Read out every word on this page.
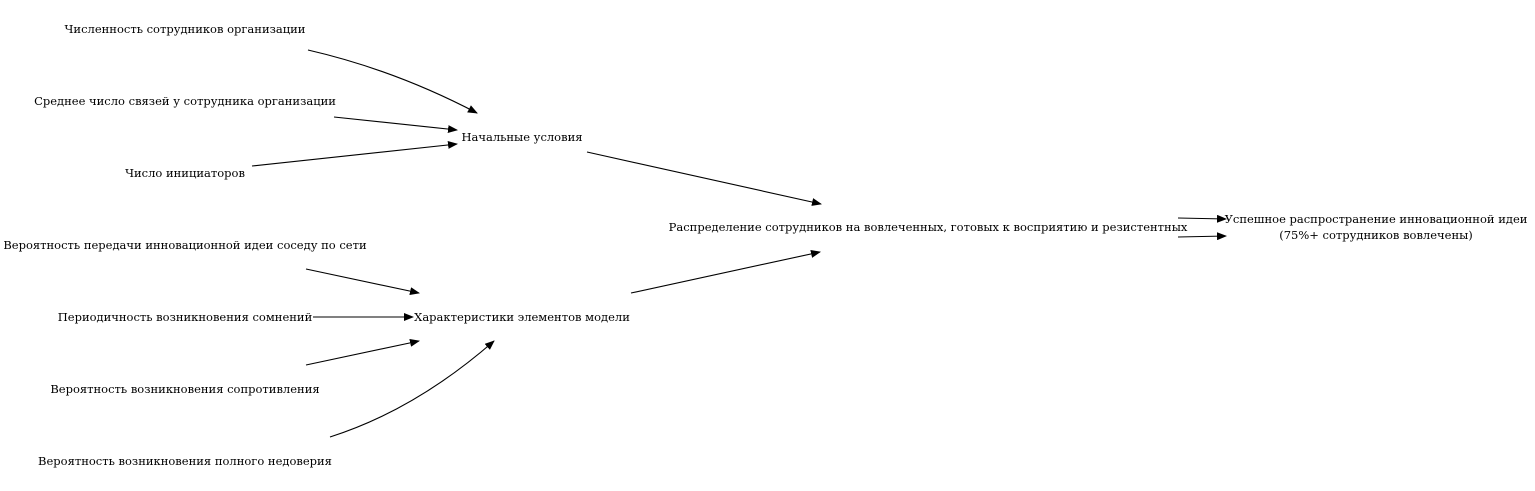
Численность сотрудников организации
Среднее число связей у сотрудника организации
Число инициаторов
Вероятность передачи инновационной идеи соседу по сети
Периодичность возникновения сомнений
Вероятность возникновения сопротивления
Вероятность возникновения полного недоверия
Начальные условия
Характеристики элементов модели
Распределение сотрудников на вовлеченных, готовых к восприятию и резистентных
Успешное распространение инновационной идеи
(75%+ сотрудников вовлечены)
